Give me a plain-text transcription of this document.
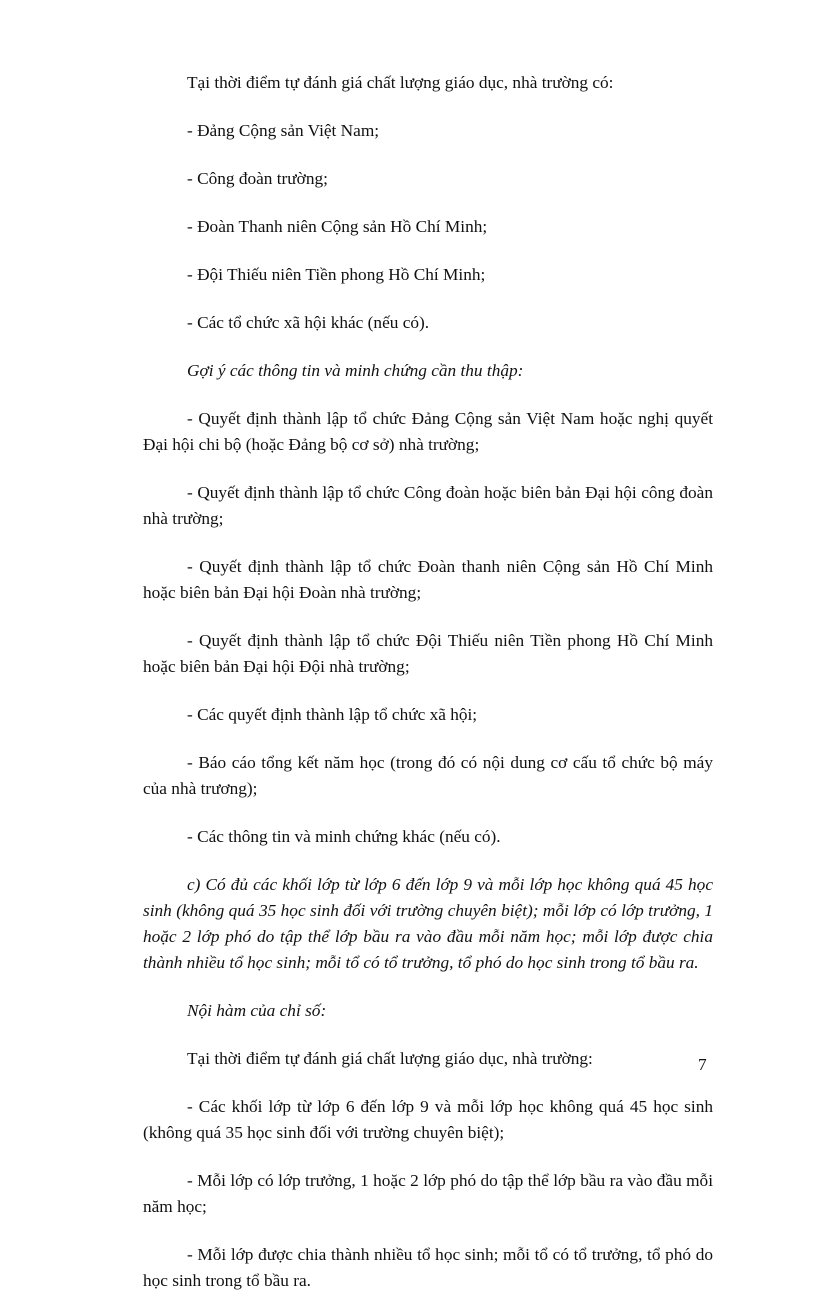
Tại thời điểm tự đánh giá chất lượng giáo dục, nhà trường có:

- Đảng Cộng sản Việt Nam;

- Công đoàn trường;

- Đoàn Thanh niên Cộng sản Hồ Chí Minh;

- Đội Thiếu niên Tiền phong Hồ Chí Minh;

- Các tổ chức xã hội khác (nếu có).

Gợi ý các thông tin và minh chứng cần thu thập:

- Quyết định thành lập tổ chức Đảng Cộng sản Việt Nam hoặc nghị quyết Đại hội chi bộ (hoặc Đảng bộ cơ sở) nhà trường;

- Quyết định thành lập tổ chức Công đoàn hoặc biên bản Đại hội công đoàn nhà trường;

- Quyết định thành lập tổ chức Đoàn thanh niên Cộng sản Hồ Chí Minh hoặc biên bản Đại hội Đoàn nhà trường;

- Quyết định thành lập tổ chức Đội Thiếu niên Tiền phong Hồ Chí Minh hoặc biên bản Đại hội Đội nhà trường;

- Các quyết định thành lập tổ chức xã hội;

- Báo cáo tổng kết năm học (trong đó có nội dung cơ cấu tổ chức bộ máy của nhà trương);

- Các thông tin và minh chứng khác (nếu có).

c) Có đủ các khối lớp từ lớp 6 đến lớp 9 và mỗi lớp học không quá 45 học sinh (không quá 35 học sinh đối với trường chuyên biệt); mỗi lớp có lớp trưởng, 1 hoặc 2 lớp phó do tập thể lớp bầu ra vào đầu mỗi năm học; mỗi lớp được chia thành nhiều tổ học sinh; mỗi tổ có tổ trưởng, tổ phó do học sinh trong tổ bầu ra.

Nội hàm của chỉ số:

Tại thời điểm tự đánh giá chất lượng giáo dục, nhà trường:

- Các khối lớp từ lớp 6 đến lớp 9 và mỗi lớp học không quá 45 học sinh (không quá 35 học sinh đối với trường chuyên biệt);

- Mỗi lớp có lớp trưởng, 1 hoặc 2 lớp phó do tập thể lớp bầu ra vào đầu mỗi năm học;

- Mỗi lớp được chia thành nhiều tổ học sinh; mỗi tổ có tổ trưởng, tổ phó do học sinh trong tổ bầu ra.

7
